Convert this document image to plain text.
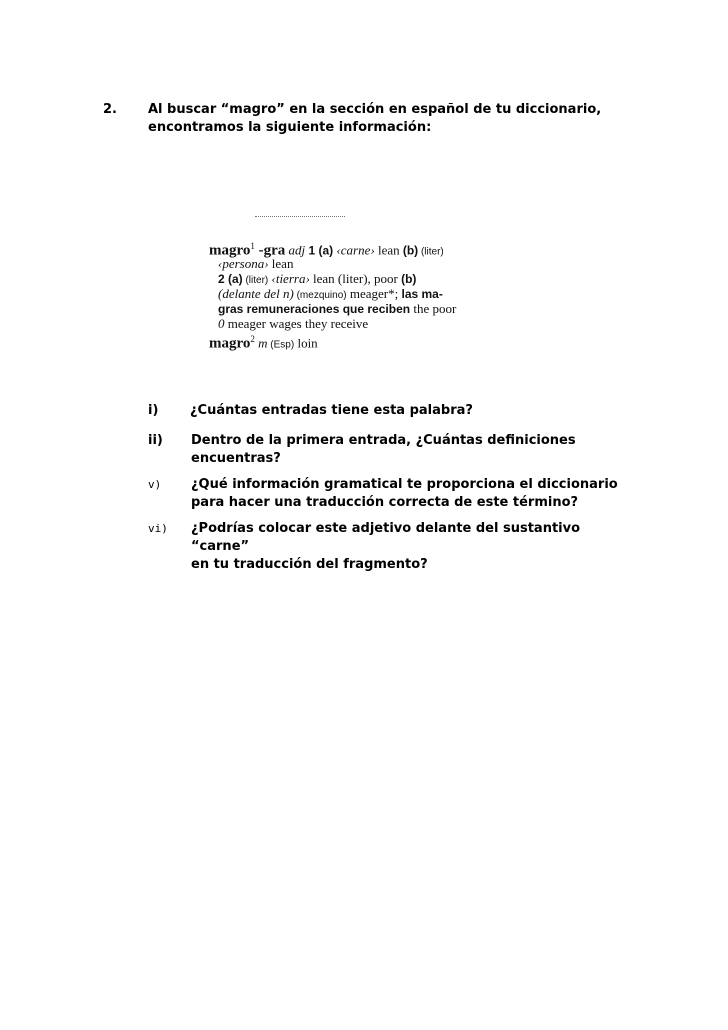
2. Al buscar “magro” en la sección en español de tu diccionario,
encontramos la siguiente información:
magro$^1$ -gra adj 1 (a) ‹carne› lean (b) (liter)
‹persona› lean
2 (a) (liter) ‹tierra› lean (liter), poor (b)
(delante del n) (mezquino) meager*; las ma-
gras remuneraciones que reciben the poor
0 meager wages they receive
magro$^2$ m (Esp) loin
i) ¿Cuántas entradas tiene esta palabra?
ii) Dentro de la primera entrada, ¿Cuántas definiciones
encuentras?
v) ¿Qué información gramatical te proporciona el diccionario
para hacer una traducción correcta de este término?
vi) ¿Podrías colocar este adjetivo delante del sustantivo “carne”
en tu traducción del fragmento?
